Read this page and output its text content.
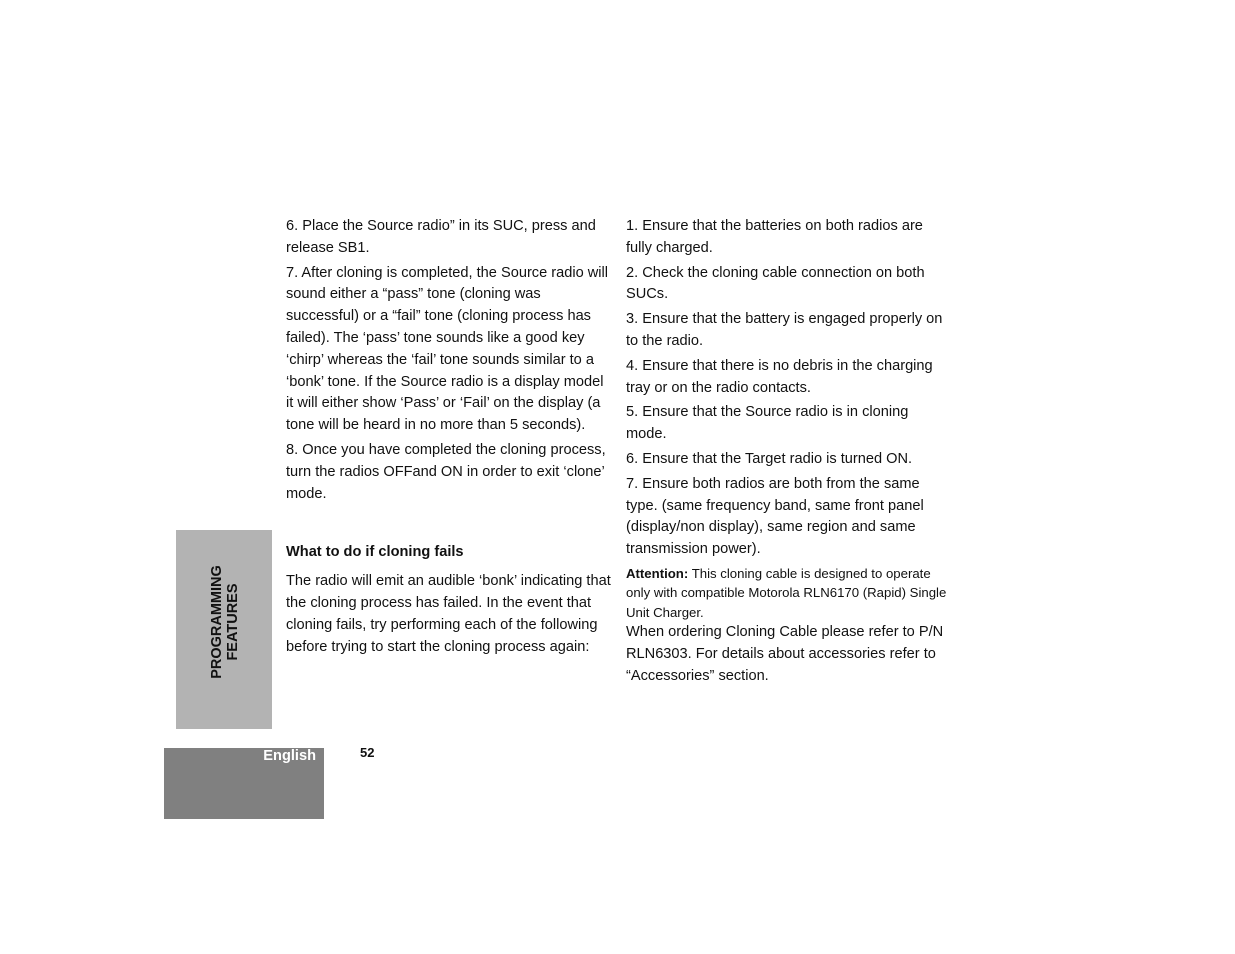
6. Place the Source radio” in its SUC, press and release SB1.

7. After cloning is completed, the Source radio will sound either a “pass” tone (cloning was successful) or a “fail” tone (cloning process has failed). The ‘pass’ tone sounds like a good key ‘chirp’ whereas the ‘fail’ tone sounds similar to a ‘bonk’ tone. If the Source radio is a display model it will either show ‘Pass’ or ‘Fail’ on the display (a tone will be heard in no more than 5 seconds).

8. Once you have completed the cloning process, turn the radios OFFand ON in order to exit ‘clone’ mode.

What to do if cloning fails

The radio will emit an audible ‘bonk’ indicating that the cloning process has failed. In the event that cloning fails, try performing each of the following before trying to start the cloning process again:

1. Ensure that the batteries on both radios are fully charged.

2. Check the cloning cable connection on both SUCs.

3. Ensure that the battery is engaged properly on to the radio.

4. Ensure that there is no debris in the charging tray or on the radio contacts.

5. Ensure that the Source radio is in cloning mode.

6. Ensure that the Target radio is turned ON.

7. Ensure both radios are both from the same type. (same frequency band, same front panel (display/non display), same region and same transmission power).

Attention: This cloning cable is designed to operate only with compatible Motorola RLN6170 (Rapid) Single Unit Charger.

When ordering Cloning Cable please refer to P/N RLN6303. For details about accessories refer to “Accessories” section.

PROGRAMMING FEATURES
English	52
